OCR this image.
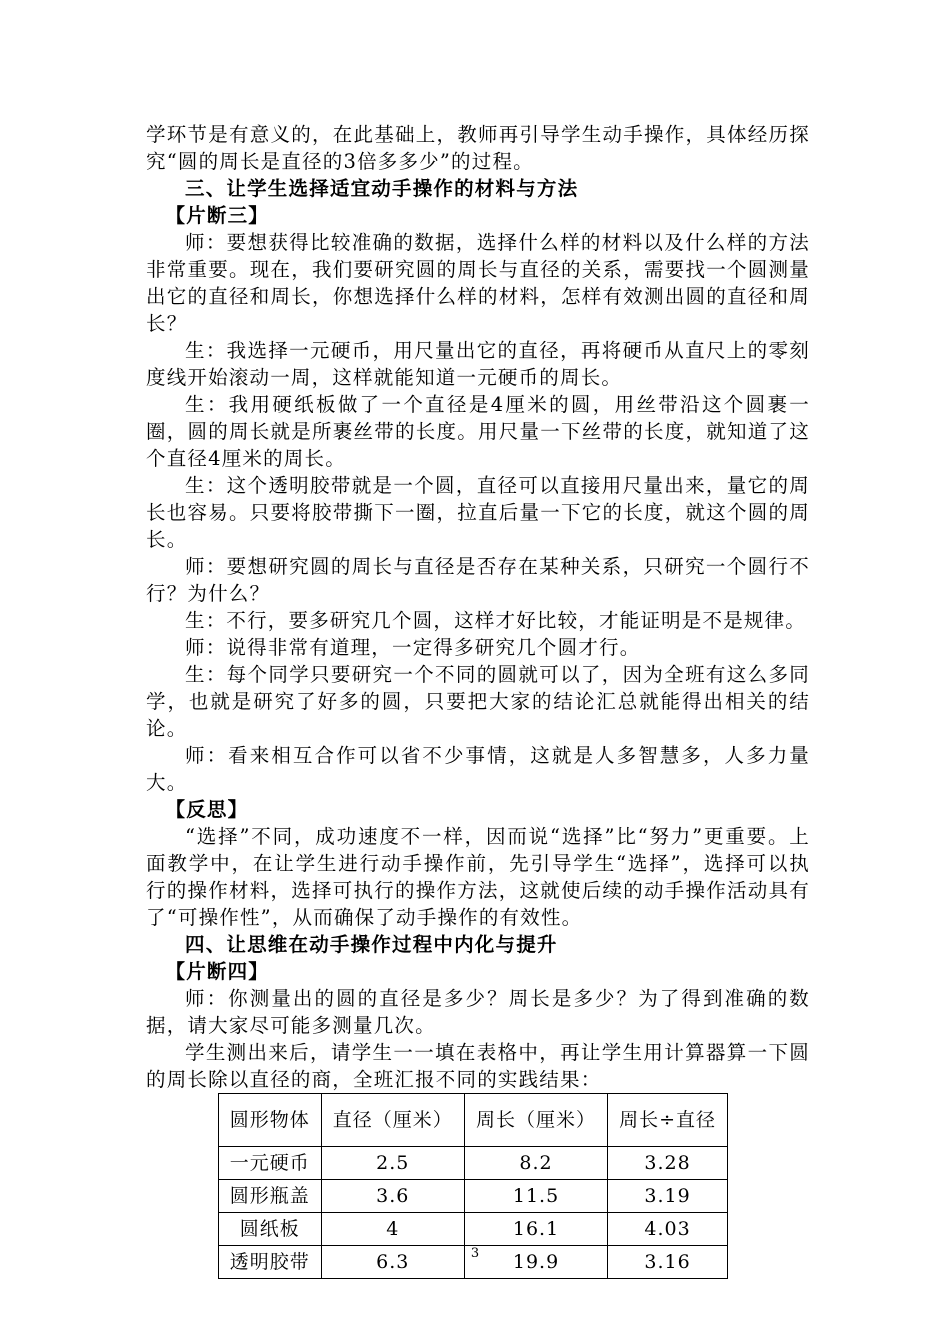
学环节是有意义的，在此基础上，教师再引导学生动手操作，具体经历探究“圆的周长是直径的3倍多多少”的过程。

三、让学生选择适宜动手操作的材料与方法

【片断三】

师：要想获得比较准确的数据，选择什么样的材料以及什么样的方法非常重要。现在，我们要研究圆的周长与直径的关系，需要找一个圆测量出它的直径和周长，你想选择什么样的材料，怎样有效测出圆的直径和周长？

生：我选择一元硬币，用尺量出它的直径，再将硬币从直尺上的零刻度线开始滚动一周，这样就能知道一元硬币的周长。

生：我用硬纸板做了一个直径是4厘米的圆，用丝带沿这个圆裹一圈，圆的周长就是所裹丝带的长度。用尺量一下丝带的长度，就知道了这个直径4厘米的周长。

生：这个透明胶带就是一个圆，直径可以直接用尺量出来，量它的周长也容易。只要将胶带撕下一圈，拉直后量一下它的长度，就这个圆的周长。

师：要想研究圆的周长与直径是否存在某种关系，只研究一个圆行不行？为什么？

生：不行，要多研究几个圆，这样才好比较，才能证明是不是规律。

师：说得非常有道理，一定得多研究几个圆才行。

生：每个同学只要研究一个不同的圆就可以了，因为全班有这么多同学，也就是研究了好多的圆，只要把大家的结论汇总就能得出相关的结论。

师：看来相互合作可以省不少事情，这就是人多智慧多，人多力量大。

【反思】

“选择”不同，成功速度不一样，因而说“选择”比“努力”更重要。上面教学中，在让学生进行动手操作前，先引导学生“选择”，选择可以执行的操作材料，选择可执行的操作方法，这就使后续的动手操作活动具有了“可操作性”，从而确保了动手操作的有效性。

四、让思维在动手操作过程中内化与提升

【片断四】

师：你测量出的圆的直径是多少？周长是多少？为了得到准确的数据，请大家尽可能多测量几次。

学生测出来后，请学生一一填在表格中，再让学生用计算器算一下圆的周长除以直径的商，全班汇报不同的实践结果：

圆形物体	直径（厘米）	周长（厘米）	周长÷直径
一元硬币	2.5	8.2	3.28
圆形瓶盖	3.6	11.5	3.19
圆纸板	4	16.1	4.03
透明胶带	6.3	19.9	3.16
3
